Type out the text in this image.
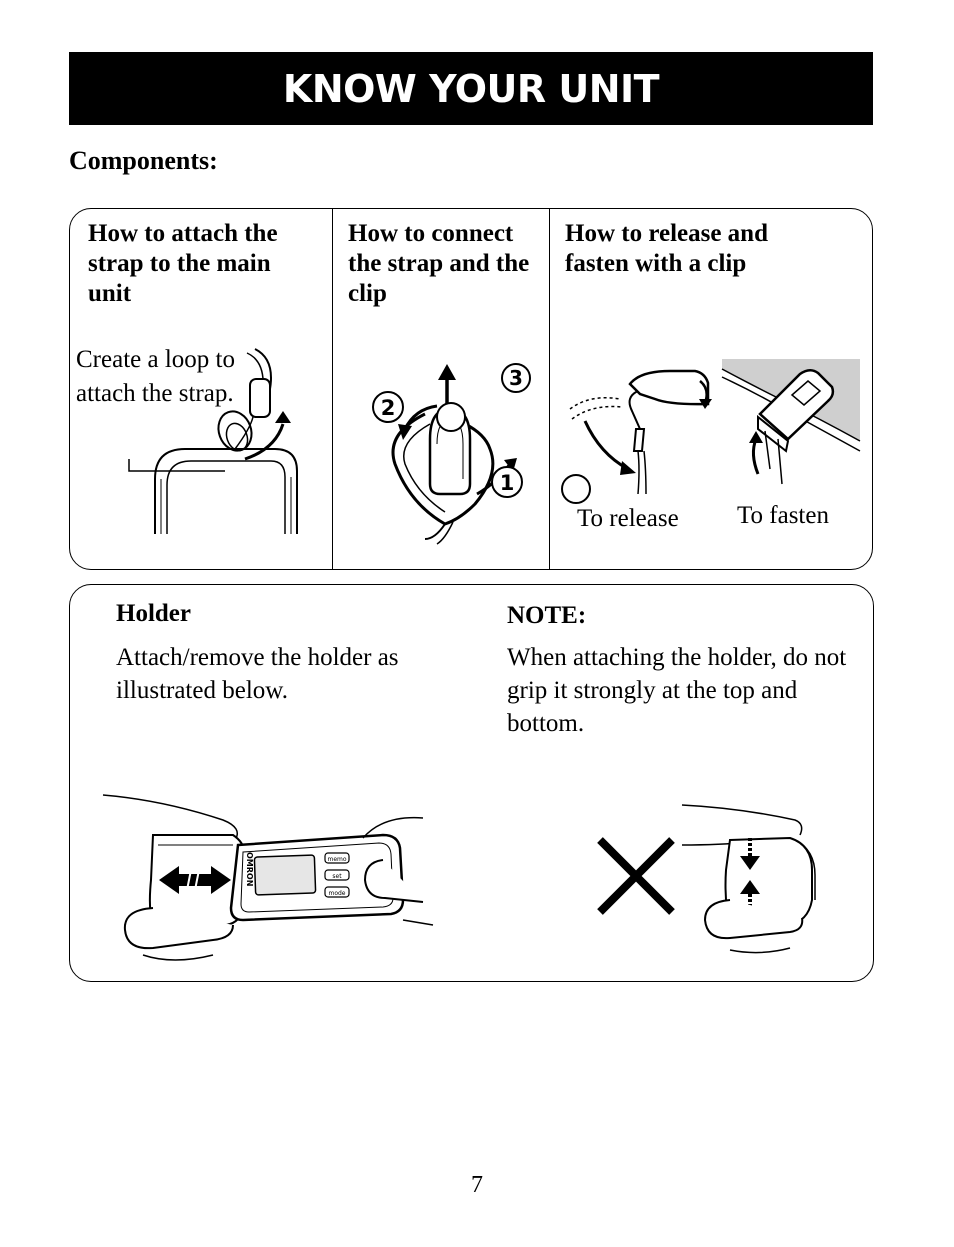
KNOW YOUR UNIT
Components:
How to attach the strap to the main unit
Create a loop to attach the strap.
How to connect the strap and the clip
3
2
1
How to release and fasten with a clip
To release To fasten
Holder
Attach/remove the holder as illustrated below.
NOTE:
When attaching the holder, do not grip it strongly at the top and bottom.
OMRON	memo
set
mode
7
